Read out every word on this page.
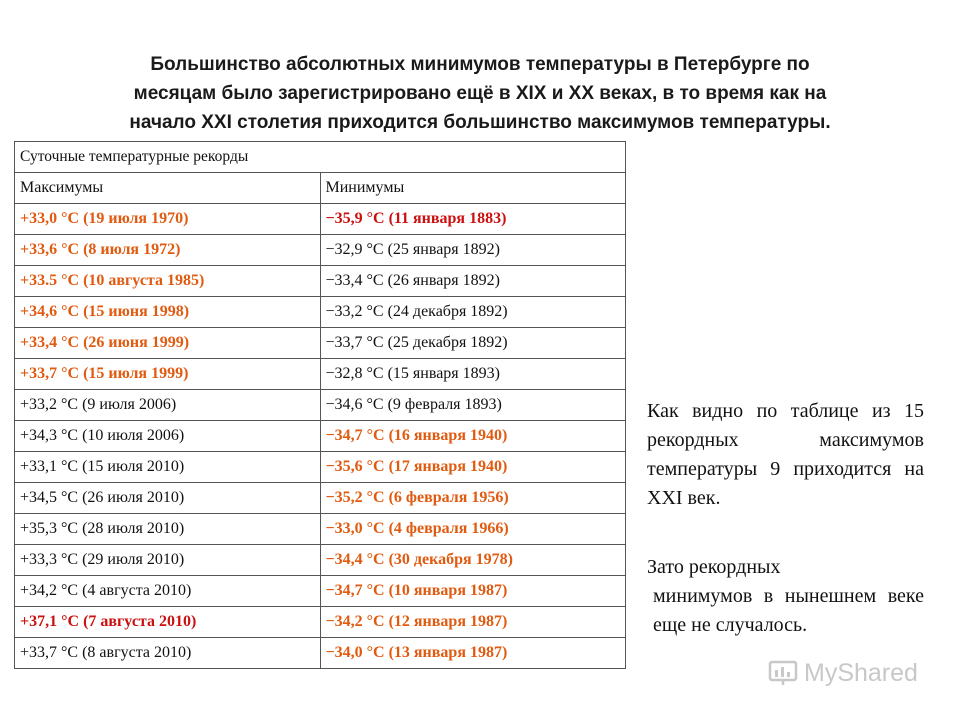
Большинство абсолютных минимумов температуры в Петербурге по
месяцам было зарегистрировано ещё в XIX и XX веках, в то время как на
начало XXI столетия приходится большинство максимумов температуры.
Суточные температурные рекорды	
Максимумы	Минимумы
+33,0 °C (19 июля 1970)	−35,9 °C (11 января 1883)
+33,6 °C (8 июля 1972)	−32,9 °C (25 января 1892)
+33.5 °C (10 августа 1985)	−33,4 °C (26 января 1892)
+34,6 °C (15 июня 1998)	−33,2 °C (24 декабря 1892)
+33,4 °C (26 июня 1999)	−33,7 °C (25 декабря 1892)
+33,7 °C (15 июля 1999)	−32,8 °C (15 января 1893)
+33,2 °C (9 июля 2006)	−34,6 °C (9 февраля 1893)
+34,3 °C (10 июля 2006)	−34,7 °C (16 января 1940)
+33,1 °C (15 июля 2010)	−35,6 °C (17 января 1940)
+34,5 °C (26 июля 2010)	−35,2 °C (6 февраля 1956)
+35,3 °C (28 июля 2010)	−33,0 °C (4 февраля 1966)
+33,3 °C (29 июля 2010)	−34,4 °C (30 декабря 1978)
+34,2 °C (4 августа 2010)	−34,7 °C (10 января 1987)
+37,1 °C (7 августа 2010)	−34,2 °C (12 января 1987)
+33,7 °C (8 августа 2010)	−34,0 °C (13 января 1987)
Как видно по таблице из 15 рекордных максимумов температуры 9 приходится на XXI век.
Зато рекордных
минимумов в нынешнем веке еще не случалось.
MyShared
